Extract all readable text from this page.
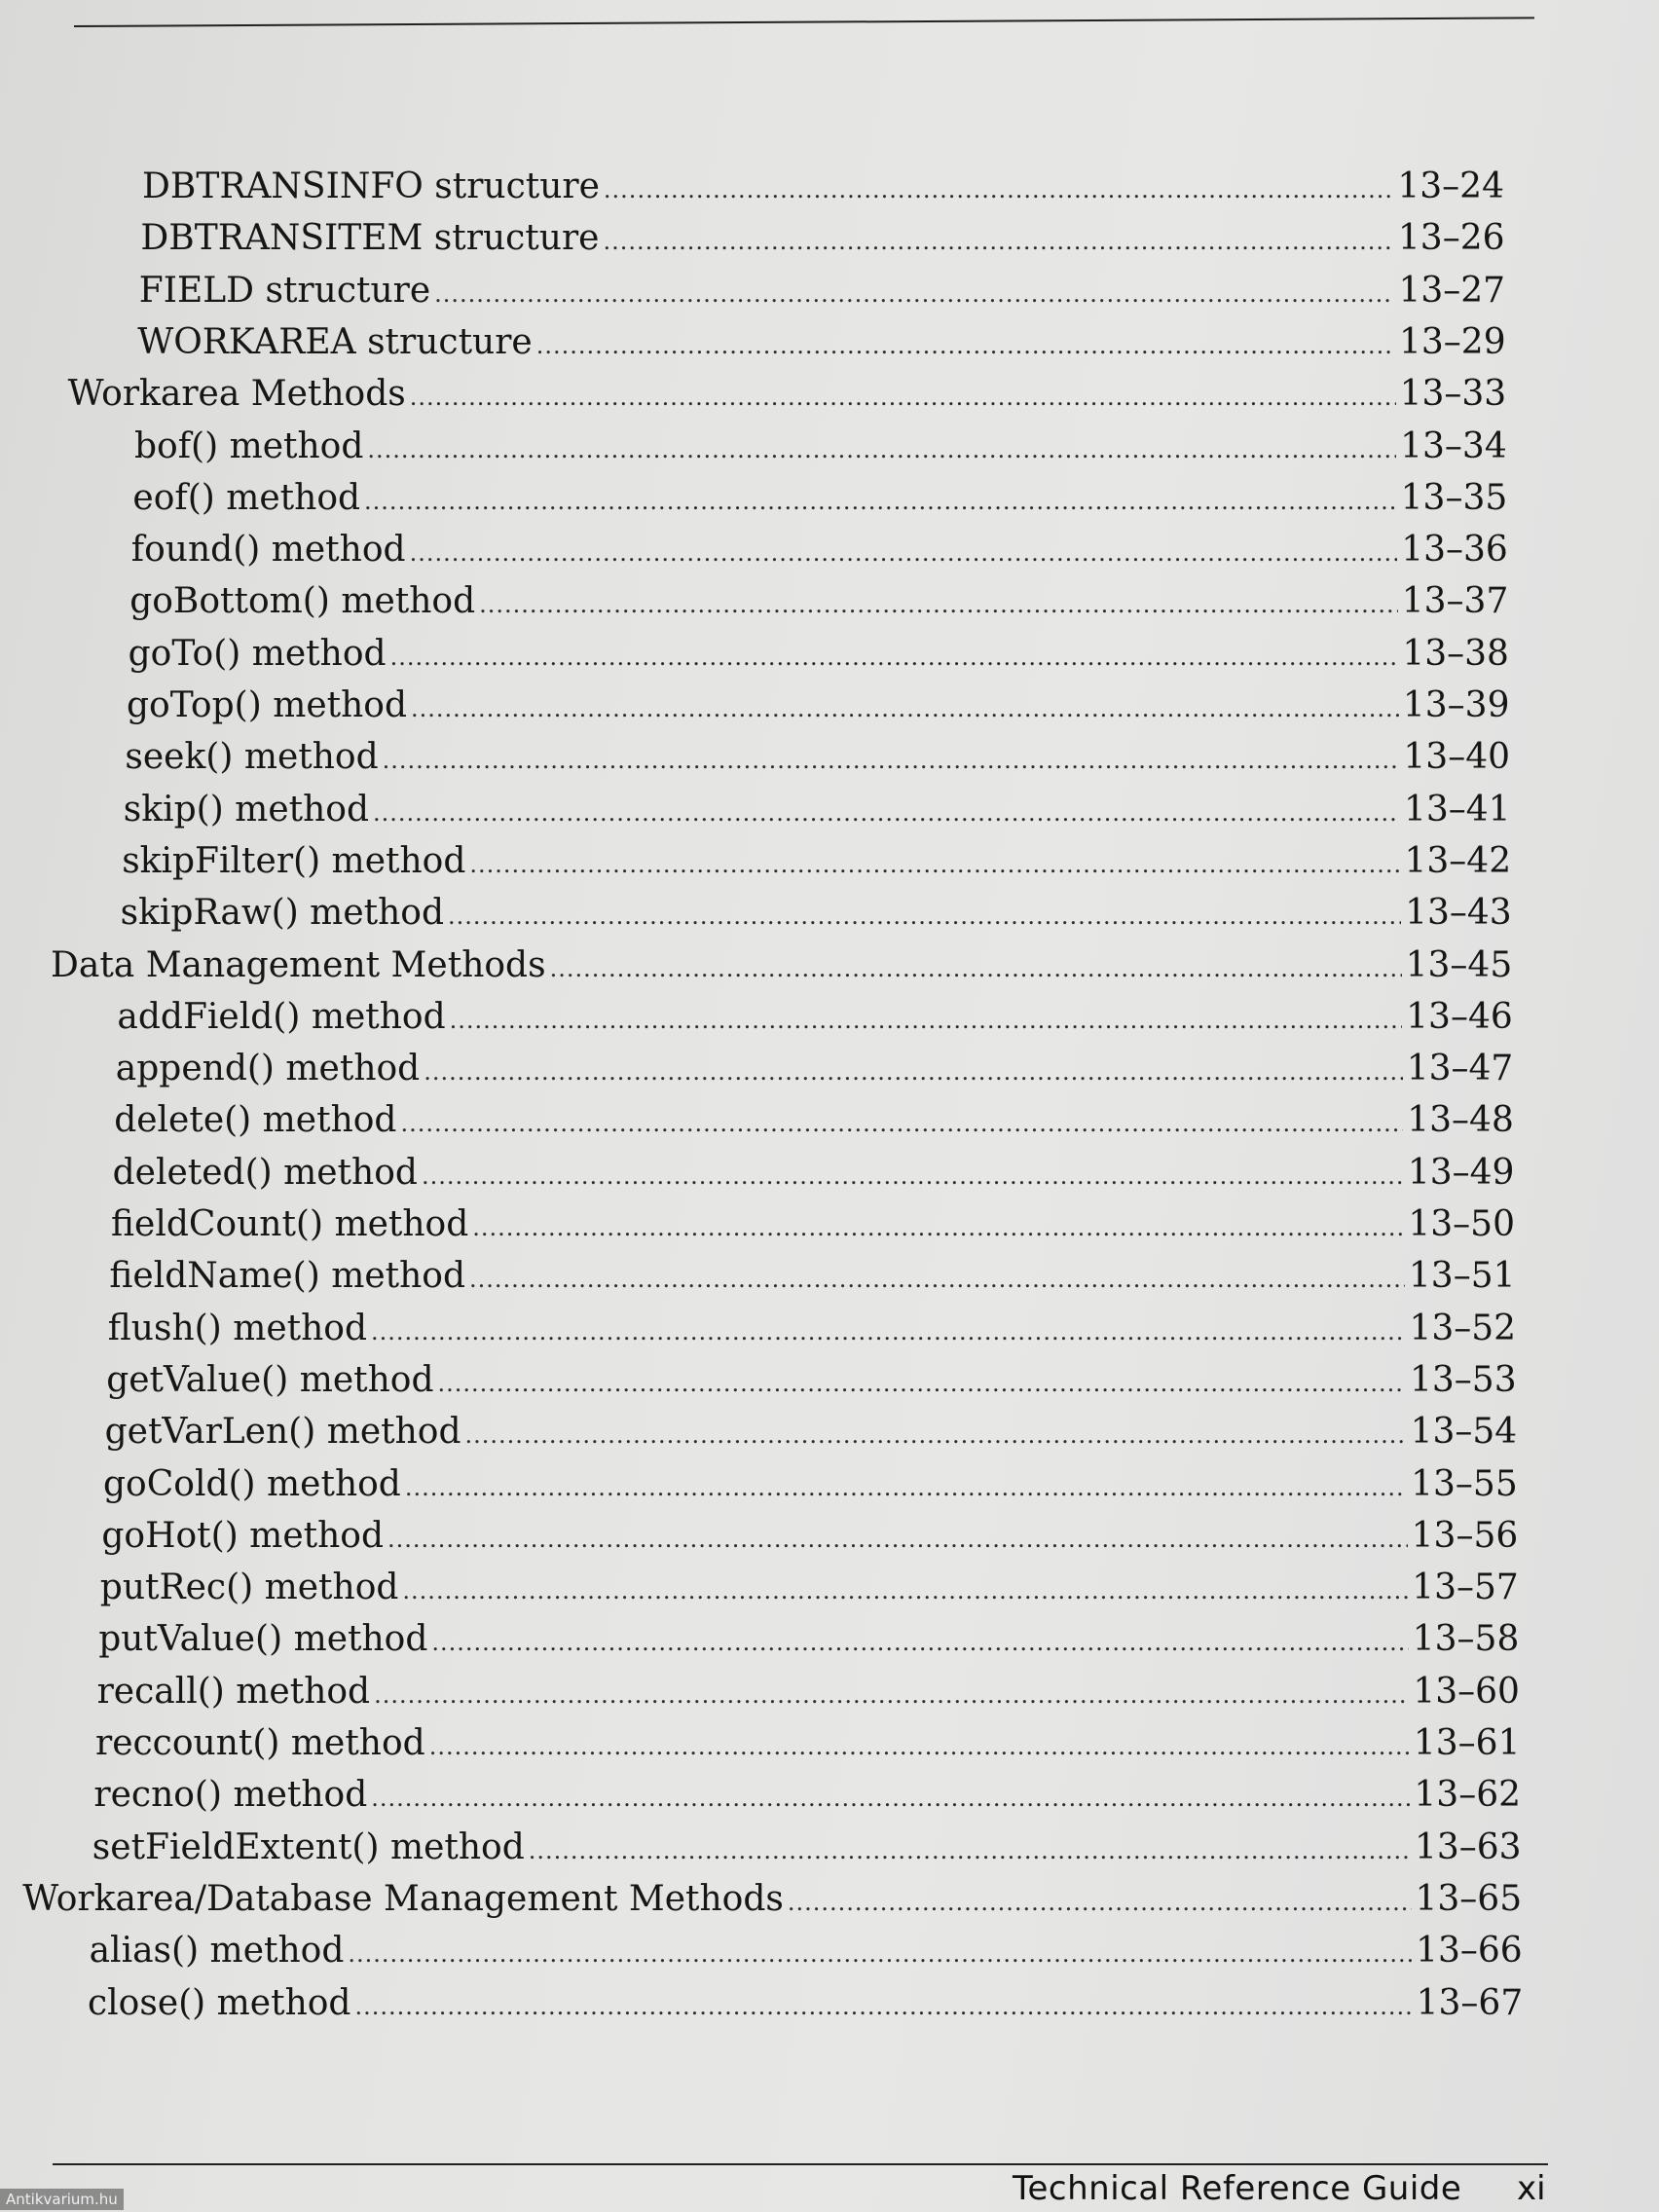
DBTRANSINFO structure .....	13–24
DBTRANSITEM structure .....	13–26
FIELD structure .....	13–27
WORKAREA structure .....	13–29
Workarea Methods .....	13–33
bof() method .....	13–34
eof() method .....	13–35
found() method .....	13–36
goBottom() method .....	13–37
goTo() method .....	13–38
goTop() method .....	13–39
seek() method .....	13–40
skip() method .....	13–41
skipFilter() method .....	13–42
skipRaw() method .....	13–43
Data Management Methods .....	13–45
addField() method .....	13–46
append() method .....	13–47
delete() method .....	13–48
deleted() method .....	13–49
fieldCount() method .....	13–50
fieldName() method .....	13–51
flush() method .....	13–52
getValue() method .....	13–53
getVarLen() method .....	13–54
goCold() method .....	13–55
goHot() method .....	13–56
putRec() method .....	13–57
putValue() method .....	13–58
recall() method .....	13–60
reccount() method .....	13–61
recno() method .....	13–62
setFieldExtent() method .....	13–63
Workarea/Database Management Methods .....	13–65
alias() method .....	13–66
close() method .....	13–67
Technical Reference Guide xi
Antikvarium.hu
